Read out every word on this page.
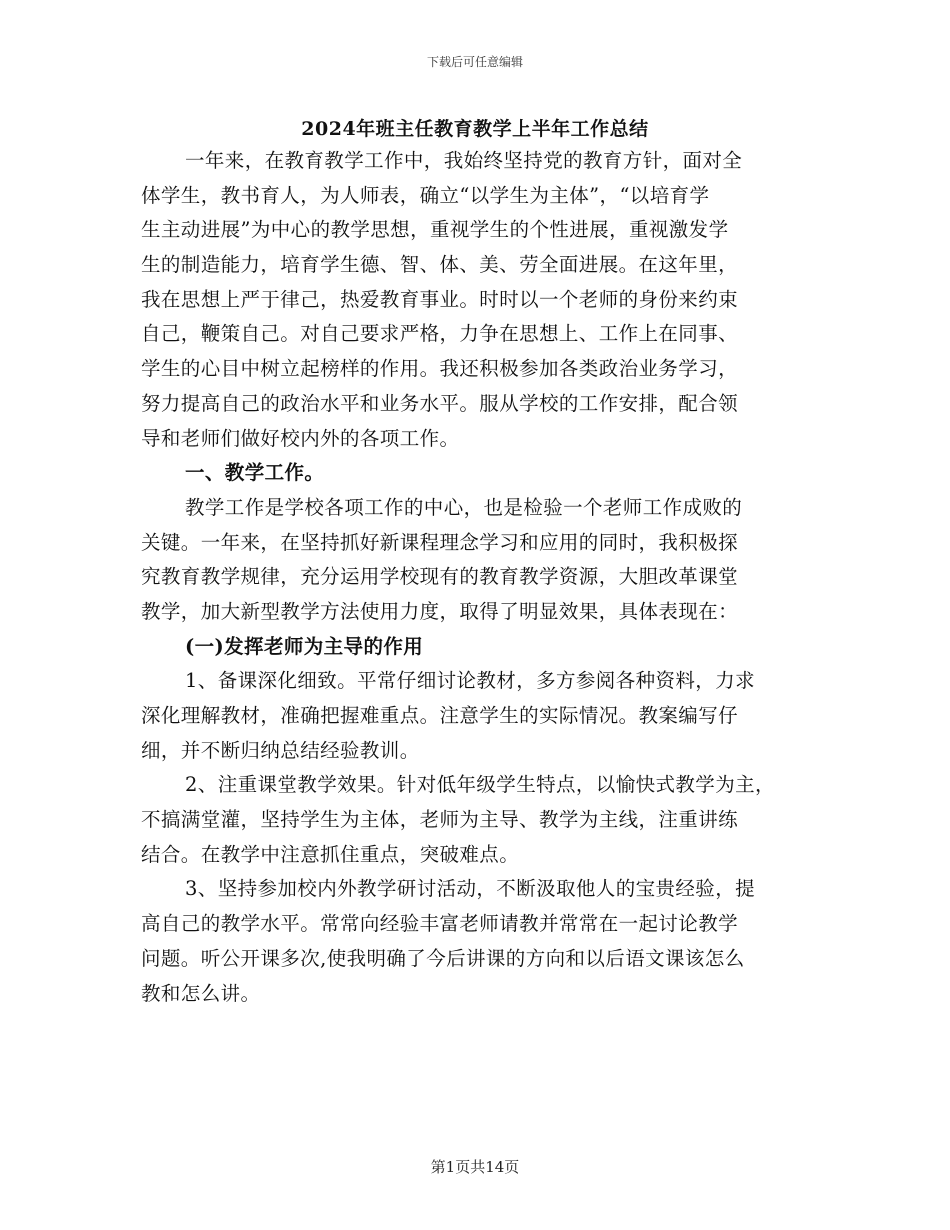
下载后可任意编辑
2024年班主任教育教学上半年工作总结
一年来，在教育教学工作中，我始终坚持党的教育方针，面对全
体学生，教书育人，为人师表，确立“以学生为主体”，“以培育学
生主动进展”为中心的教学思想，重视学生的个性进展，重视激发学
生的制造能力，培育学生德、智、体、美、劳全面进展。在这年里，
我在思想上严于律己，热爱教育事业。时时以一个老师的身份来约束
自己，鞭策自己。对自己要求严格，力争在思想上、工作上在同事、
学生的心目中树立起榜样的作用。我还积极参加各类政治业务学习，
努力提高自己的政治水平和业务水平。服从学校的工作安排，配合领
导和老师们做好校内外的各项工作。
一、教学工作。
教学工作是学校各项工作的中心，也是检验一个老师工作成败的
关键。一年来，在坚持抓好新课程理念学习和应用的同时，我积极探
究教育教学规律，充分运用学校现有的教育教学资源，大胆改革课堂
教学，加大新型教学方法使用力度，取得了明显效果，具体表现在：
(一)发挥老师为主导的作用
1、备课深化细致。平常仔细讨论教材，多方参阅各种资料，力求
深化理解教材，准确把握难重点。注意学生的实际情况。教案编写仔
细，并不断归纳总结经验教训。
2、注重课堂教学效果。针对低年级学生特点，以愉快式教学为主，
不搞满堂灌，坚持学生为主体，老师为主导、教学为主线，注重讲练
结合。在教学中注意抓住重点，突破难点。
3、坚持参加校内外教学研讨活动，不断汲取他人的宝贵经验，提
高自己的教学水平。常常向经验丰富老师请教并常常在一起讨论教学
问题。听公开课多次,使我明确了今后讲课的方向和以后语文课该怎么
教和怎么讲。
第1页共14页
